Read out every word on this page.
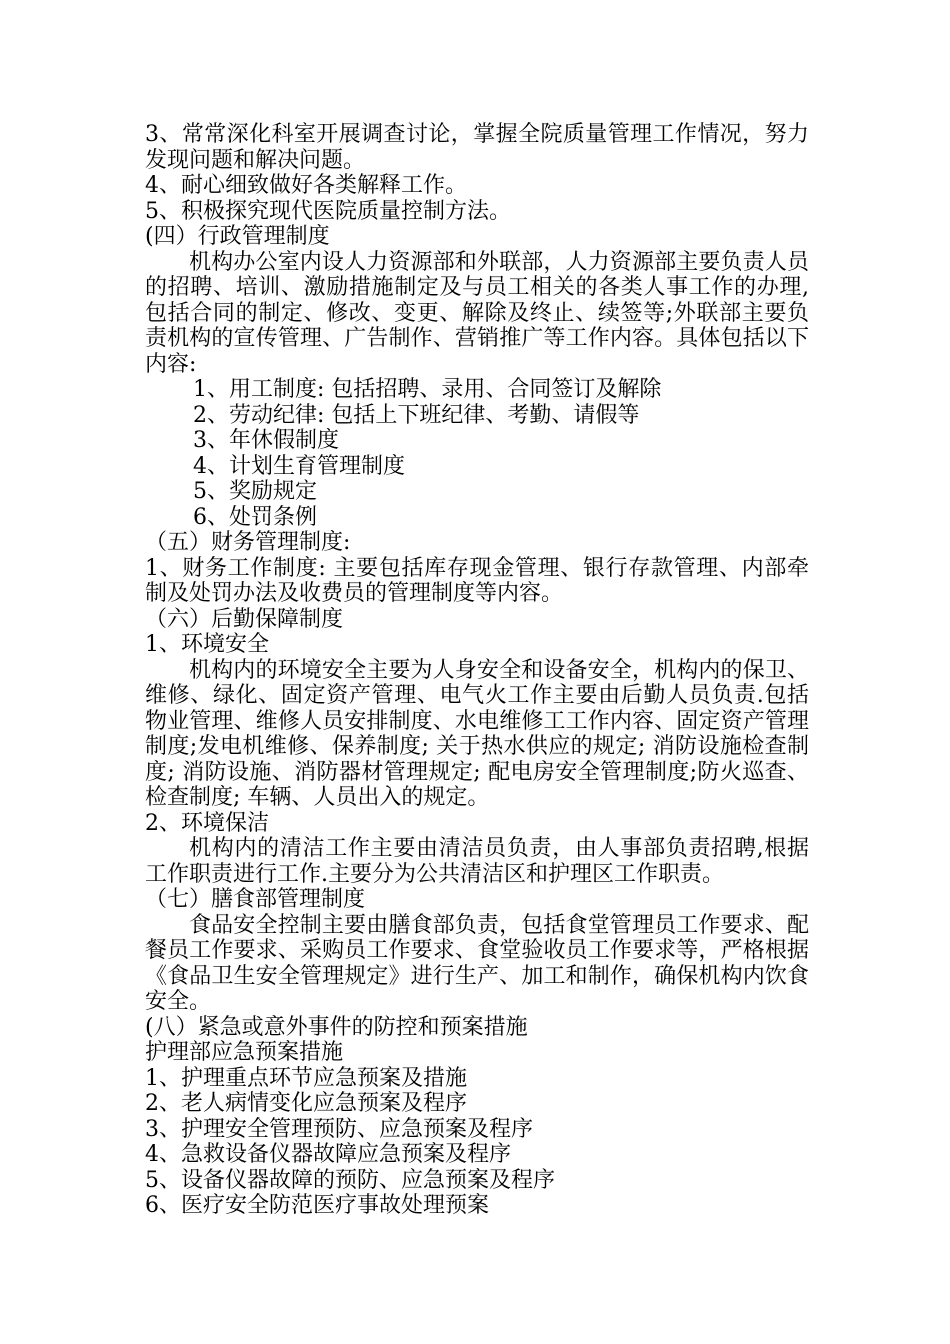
3、常常深化科室开展调查讨论，掌握全院质量管理工作情况，努力发现问题和解决问题。
4、耐心细致做好各类解释工作。
5、积极探究现代医院质量控制方法。
(四）行政管理制度
机构办公室内设人力资源部和外联部，人力资源部主要负责人员的招聘、培训、激励措施制定及与员工相关的各类人事工作的办理,包括合同的制定、修改、变更、解除及终止、续签等;外联部主要负责机构的宣传管理、广告制作、营销推广等工作内容。具体包括以下内容:
1、用工制度: 包括招聘、录用、合同签订及解除
2、劳动纪律: 包括上下班纪律、考勤、请假等
3、年休假制度
4、计划生育管理制度
5、奖励规定
6、处罚条例
（五）财务管理制度:
1、财务工作制度: 主要包括库存现金管理、银行存款管理、内部牵制及处罚办法及收费员的管理制度等内容。
（六）后勤保障制度
1、环境安全
机构内的环境安全主要为人身安全和设备安全，机构内的保卫、维修、绿化、固定资产管理、电气火工作主要由后勤人员负责.包括物业管理、维修人员安排制度、水电维修工工作内容、固定资产管理制度;发电机维修、保养制度; 关于热水供应的规定; 消防设施检查制度; 消防设施、消防器材管理规定; 配电房安全管理制度;防火巡查、检查制度; 车辆、人员出入的规定。
2、环境保洁
机构内的清洁工作主要由清洁员负责，由人事部负责招聘,根据工作职责进行工作.主要分为公共清洁区和护理区工作职责。
（七）膳食部管理制度
食品安全控制主要由膳食部负责，包括食堂管理员工作要求、配餐员工作要求、采购员工作要求、食堂验收员工作要求等，严格根据《食品卫生安全管理规定》进行生产、加工和制作，确保机构内饮食安全。
(八）紧急或意外事件的防控和预案措施
护理部应急预案措施
1、护理重点环节应急预案及措施
2、老人病情变化应急预案及程序
3、护理安全管理预防、应急预案及程序
4、急救设备仪器故障应急预案及程序
5、设备仪器故障的预防、应急预案及程序
6、医疗安全防范医疗事故处理预案
